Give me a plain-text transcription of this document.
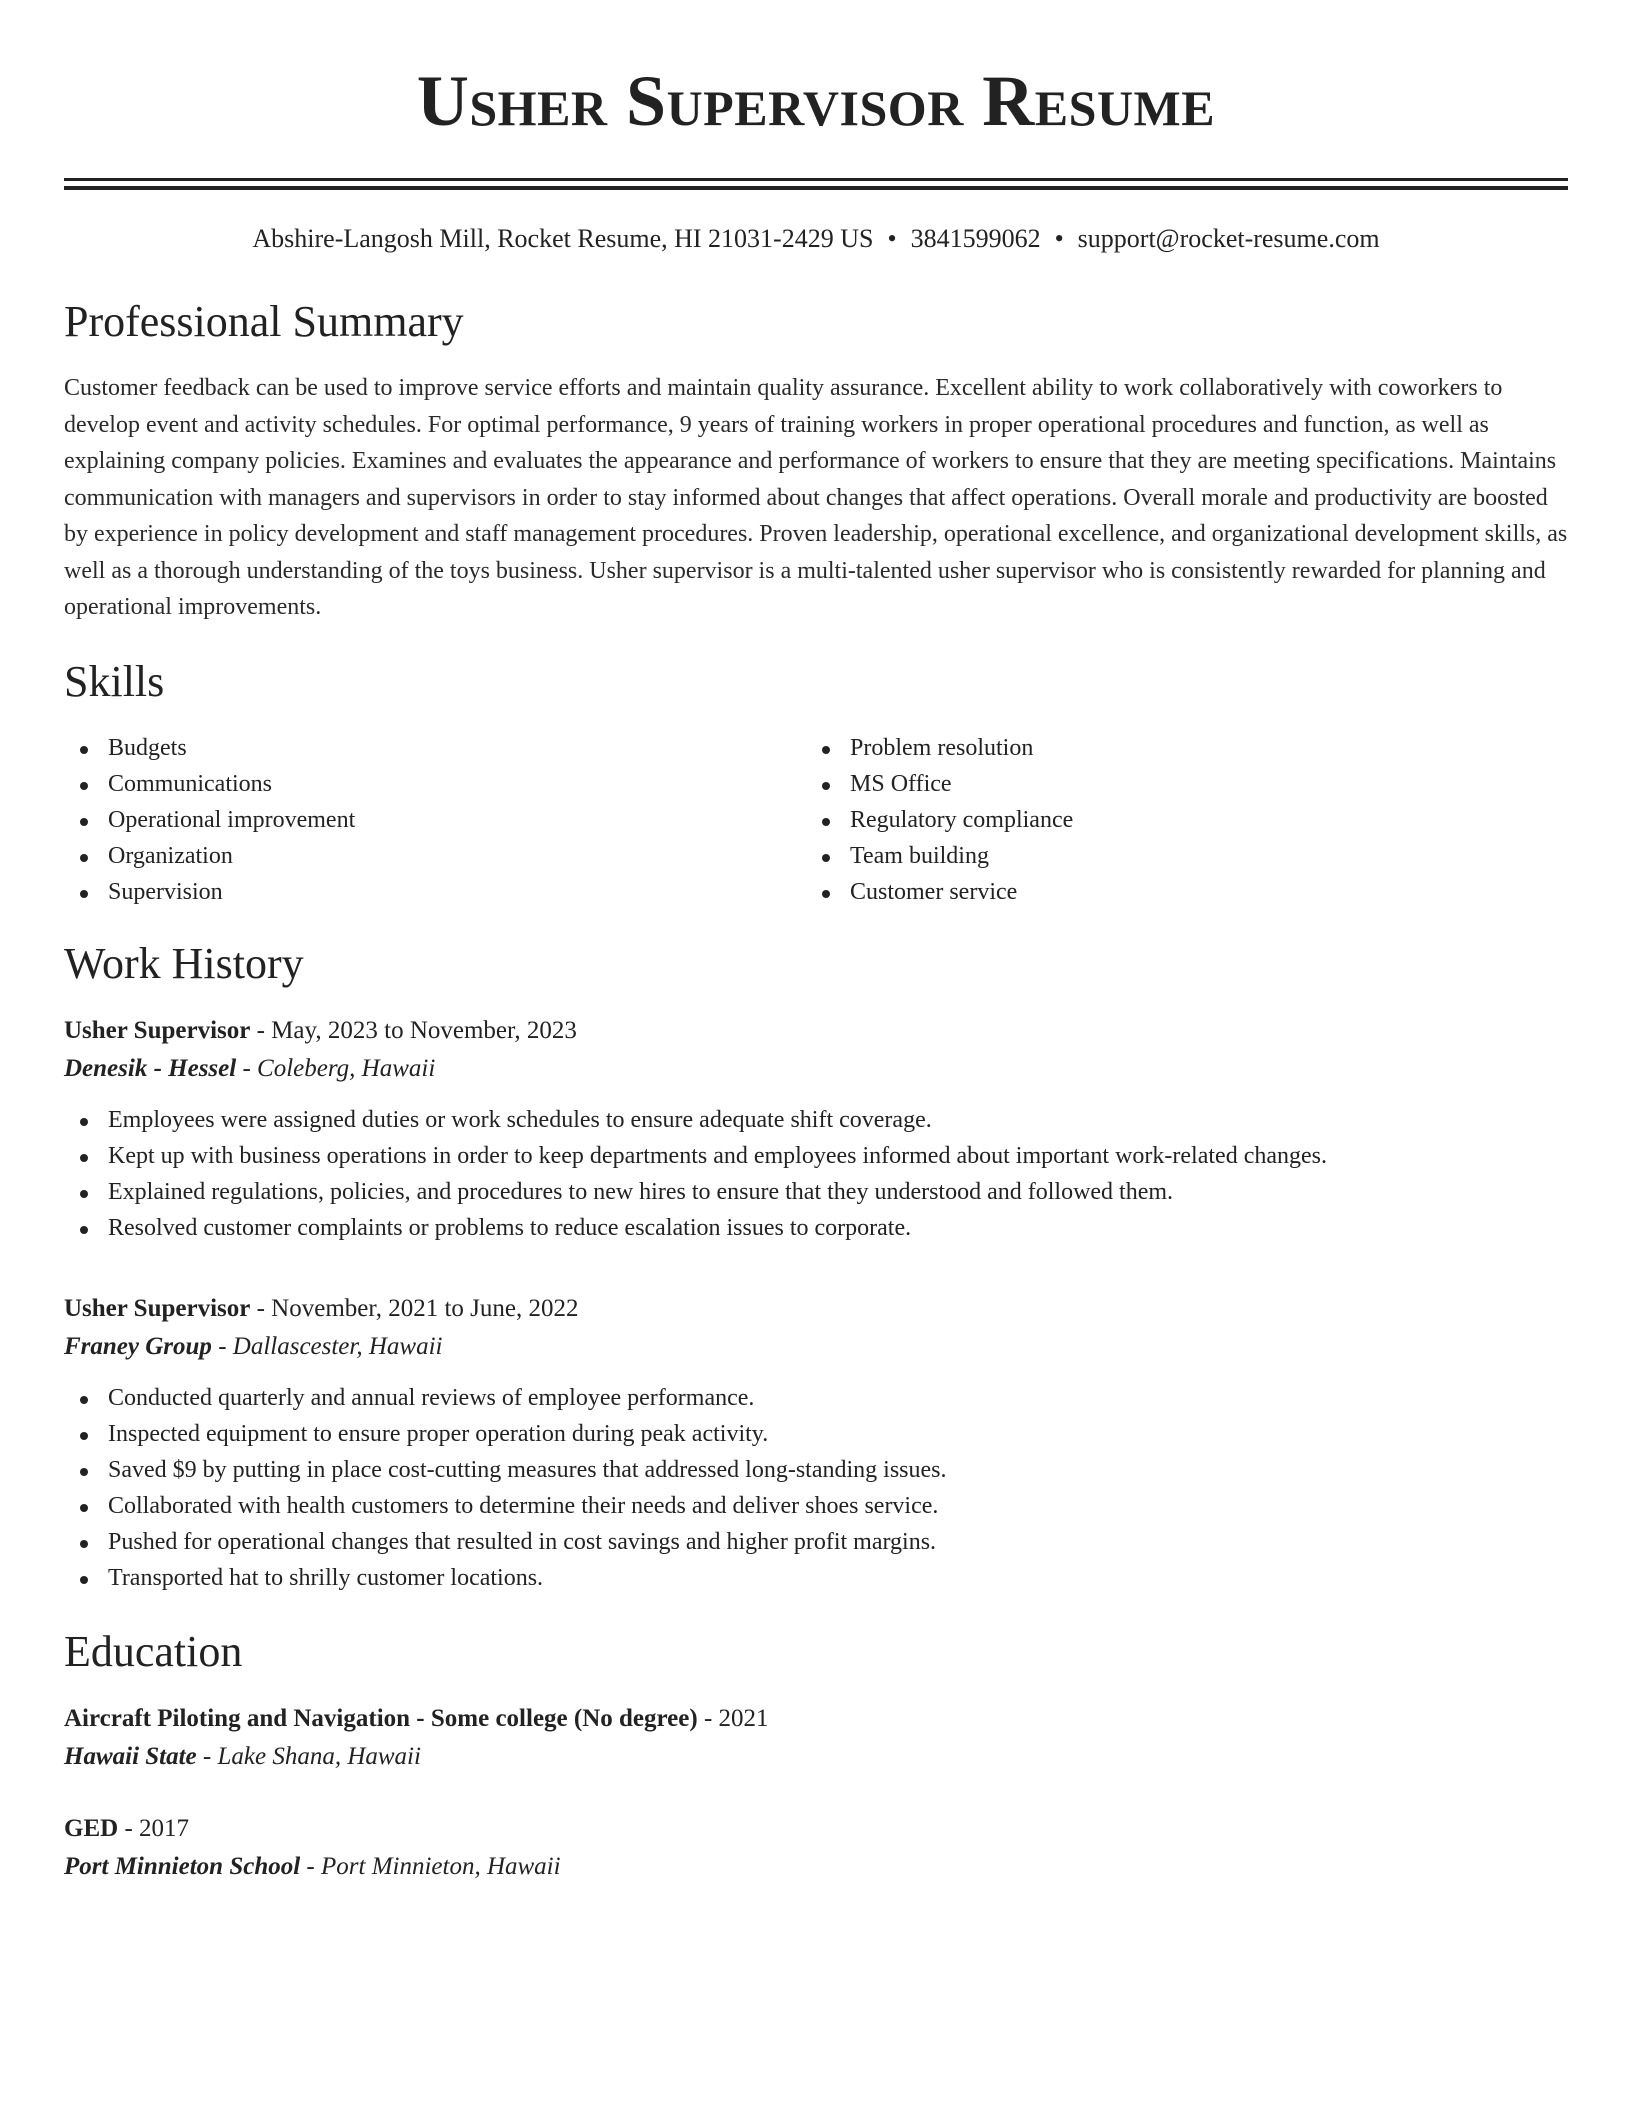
Usher Supervisor Resume
Abshire-Langosh Mill, Rocket Resume, HI 21031-2429 US • 3841599062 • support@rocket-resume.com
Professional Summary
Customer feedback can be used to improve service efforts and maintain quality assurance. Excellent ability to work collaboratively with coworkers to develop event and activity schedules. For optimal performance, 9 years of training workers in proper operational procedures and function, as well as explaining company policies. Examines and evaluates the appearance and performance of workers to ensure that they are meeting specifications. Maintains communication with managers and supervisors in order to stay informed about changes that affect operations. Overall morale and productivity are boosted by experience in policy development and staff management procedures. Proven leadership, operational excellence, and organizational development skills, as well as a thorough understanding of the toys business. Usher supervisor is a multi-talented usher supervisor who is consistently rewarded for planning and operational improvements.
Skills
Budgets
Communications
Operational improvement
Organization
Supervision
Problem resolution
MS Office
Regulatory compliance
Team building
Customer service
Work History
Usher Supervisor - May, 2023 to November, 2023
Denesik - Hessel - Coleberg, Hawaii
Employees were assigned duties or work schedules to ensure adequate shift coverage.
Kept up with business operations in order to keep departments and employees informed about important work-related changes.
Explained regulations, policies, and procedures to new hires to ensure that they understood and followed them.
Resolved customer complaints or problems to reduce escalation issues to corporate.
Usher Supervisor - November, 2021 to June, 2022
Franey Group - Dallascester, Hawaii
Conducted quarterly and annual reviews of employee performance.
Inspected equipment to ensure proper operation during peak activity.
Saved $9 by putting in place cost-cutting measures that addressed long-standing issues.
Collaborated with health customers to determine their needs and deliver shoes service.
Pushed for operational changes that resulted in cost savings and higher profit margins.
Transported hat to shrilly customer locations.
Education
Aircraft Piloting and Navigation - Some college (No degree) - 2021
Hawaii State - Lake Shana, Hawaii
GED - 2017
Port Minnieton School - Port Minnieton, Hawaii
